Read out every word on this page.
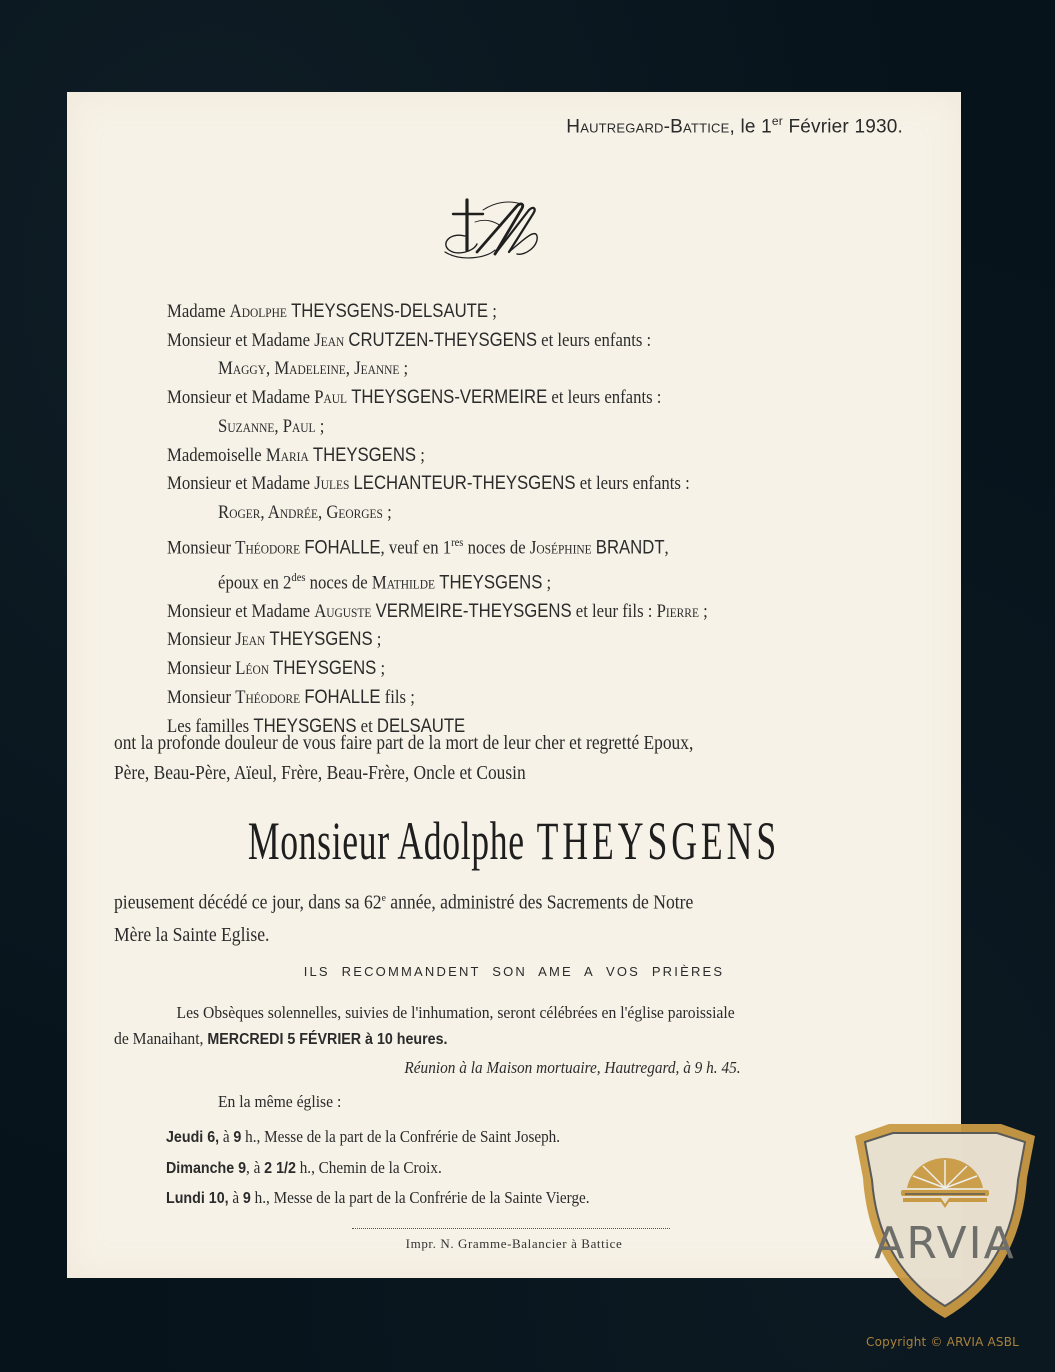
Hautregard-Battice, le 1er Février 1930.
Madame Adolphe THEYSGENS-DELSAUTE ;
Monsieur et Madame Jean CRUTZEN-THEYSGENS et leurs enfants :
Maggy, Madeleine, Jeanne ;
Monsieur et Madame Paul THEYSGENS-VERMEIRE et leurs enfants :
Suzanne, Paul ;
Mademoiselle Maria THEYSGENS ;
Monsieur et Madame Jules LECHANTEUR-THEYSGENS et leurs enfants :
Roger, Andrée, Georges ;
Monsieur Théodore FOHALLE, veuf en 1res noces de Joséphine BRANDT,
époux en $2^{des}$ noces de Mathilde THEYSGENS ;
Monsieur et Madame Auguste VERMEIRE-THEYSGENS et leur fils : Pierre ;
Monsieur Jean THEYSGENS ;
Monsieur Léon THEYSGENS ;
Monsieur Théodore FOHALLE fils ;
Les familles THEYSGENS et DELSAUTE
ont la profonde douleur de vous faire part de la mort de leur cher et regretté Epoux,
Père, Beau-Père, Aïeul, Frère, Beau-Frère, Oncle et Cousin
Monsieur Adolphe THEYSGENS
pieusement décédé ce jour, dans sa 62e année, administré des Sacrements de Notre
Mère la Sainte Eglise.
ILS RECOMMANDENT SON AME A VOS PRIÈRES
Les Obsèques solennelles, suivies de l'inhumation, seront célébrées en l'église paroissiale
de Manaihant, MERCREDI 5 FÉVRIER à 10 heures.
Réunion à la Maison mortuaire, Hautregard, à 9 h. 45.
En la même église :
Jeudi 6, à 9 h., Messe de la part de la Confrérie de Saint Joseph.
Dimanche 9, à 2 1/2 h., Chemin de la Croix.
Lundi 10, à 9 h., Messe de la part de la Confrérie de la Sainte Vierge.
Impr. N. Gramme-Balancier à Battice	ARVIA
Copyright © ARVIA ASBL
